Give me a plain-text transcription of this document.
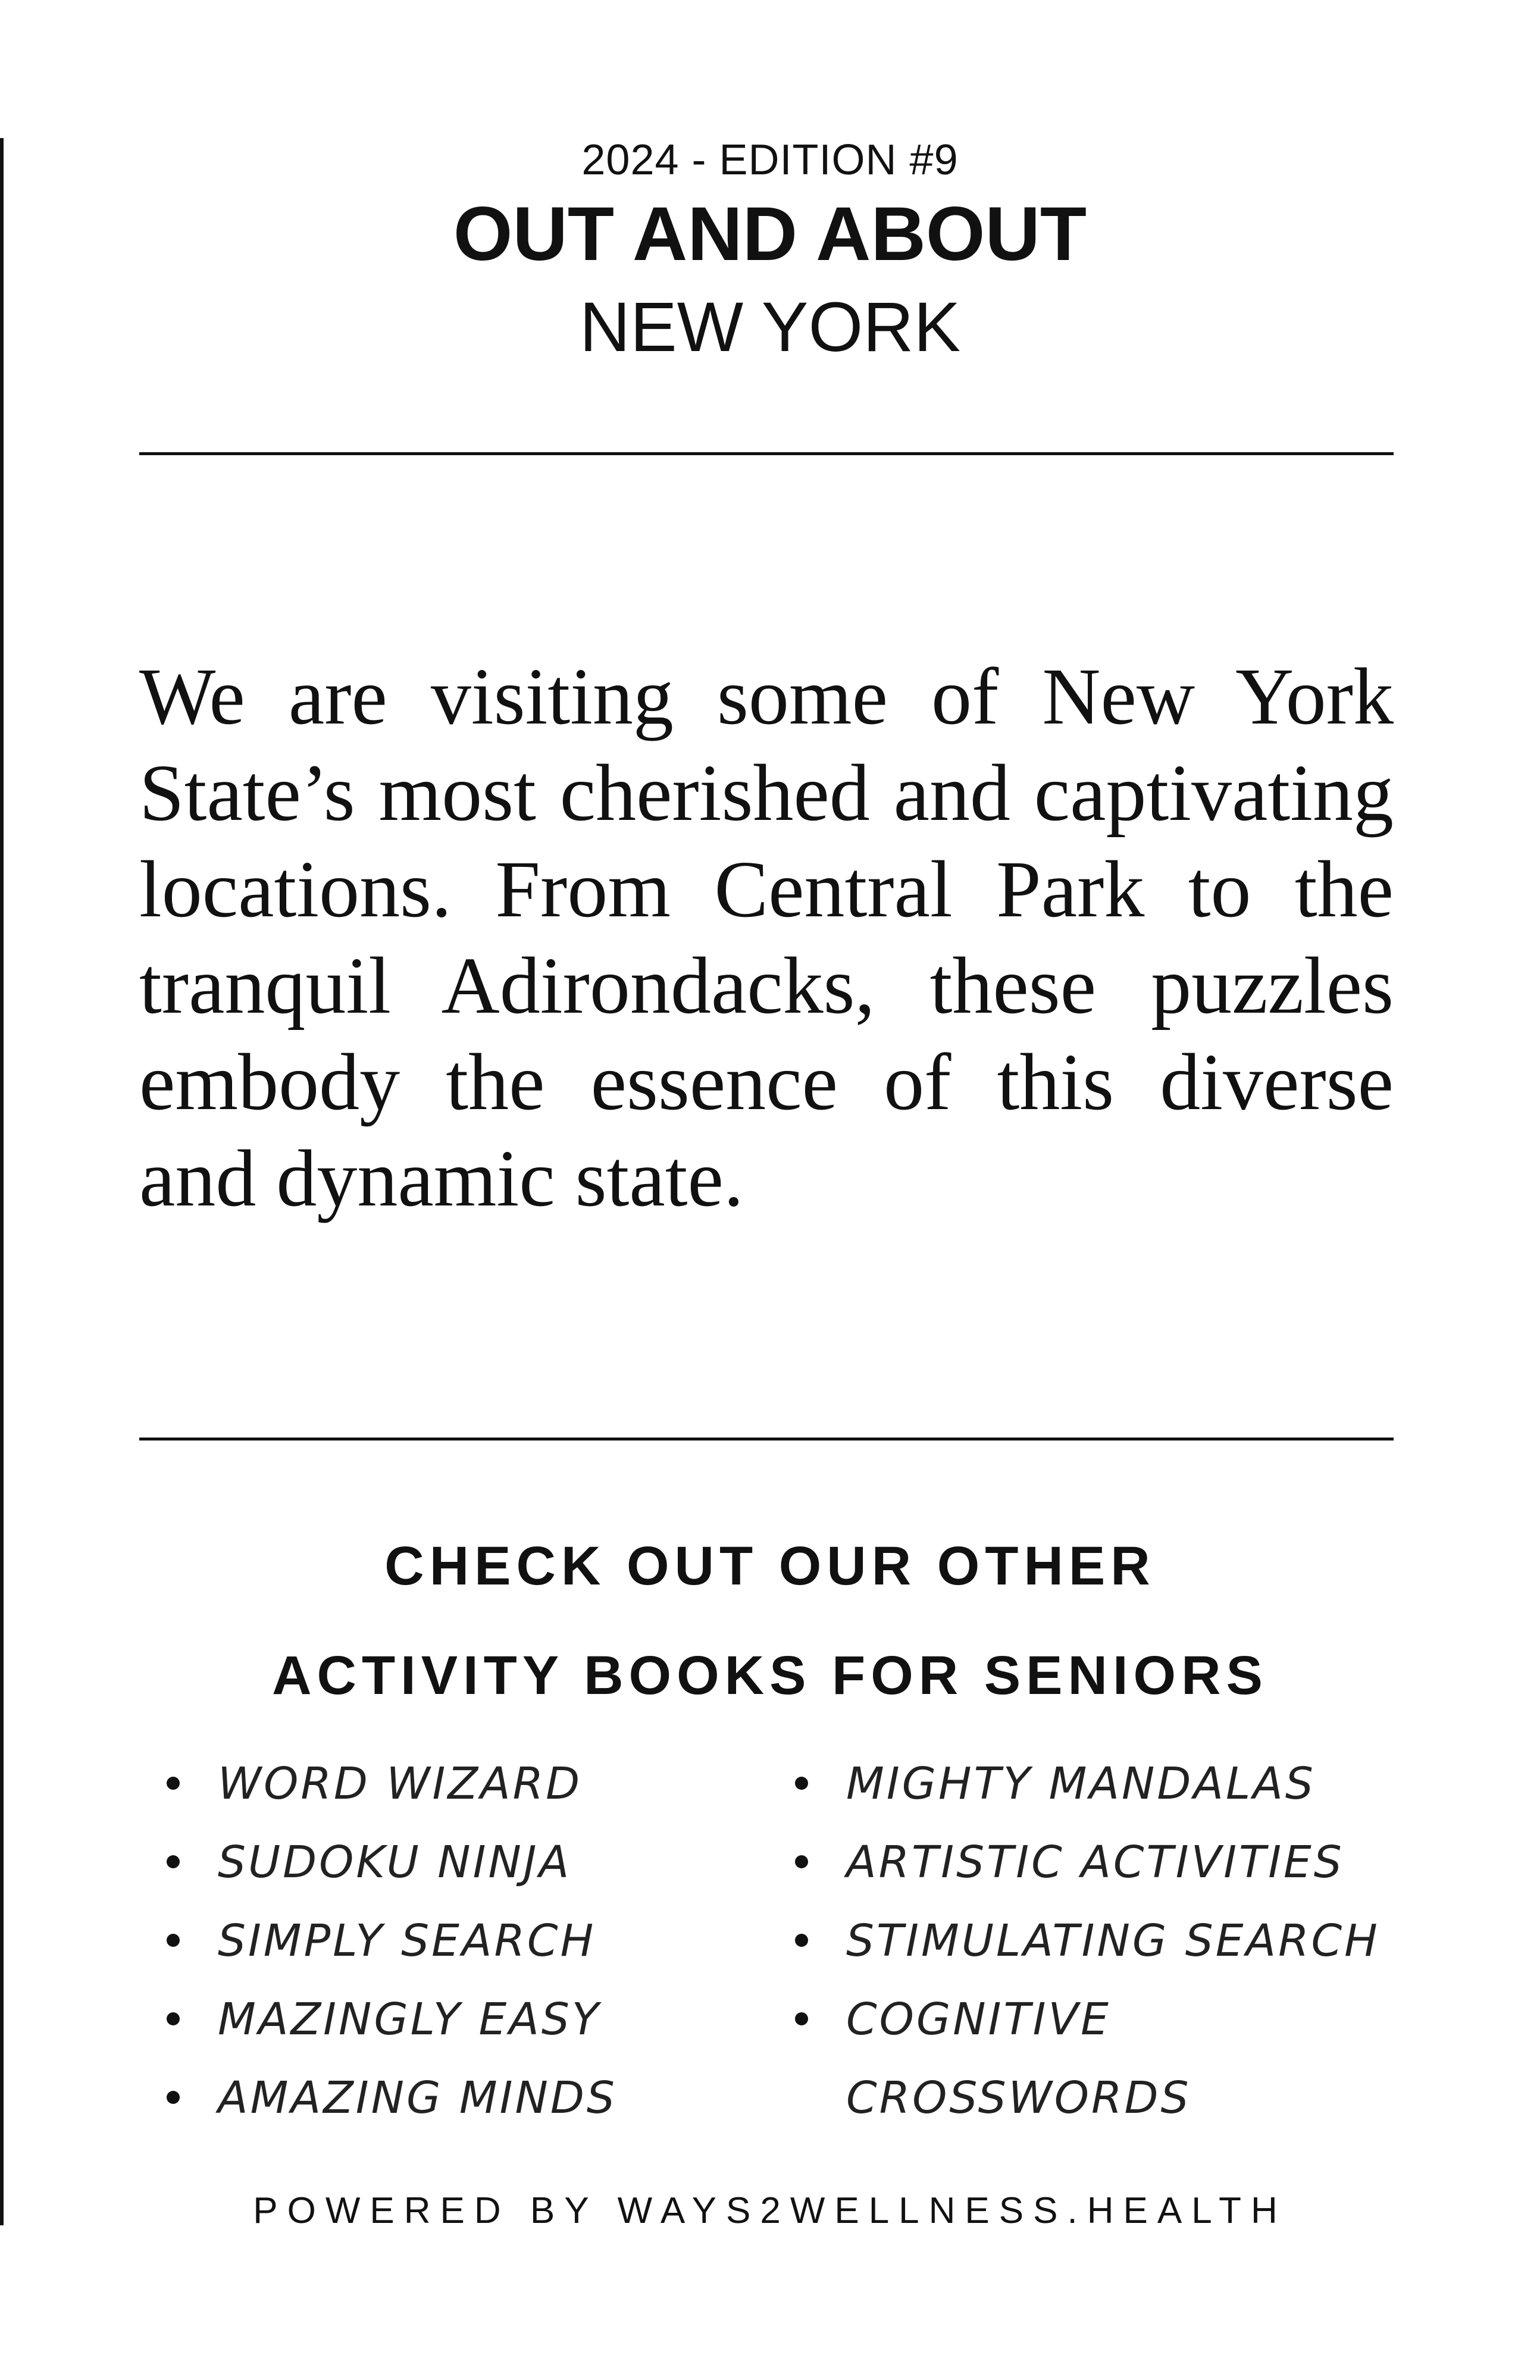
2024 - EDITION #9
OUT AND ABOUT
NEW YORK

We are visiting some of New York State’s most cherished and captivating locations. From Central Park to the tranquil Adirondacks, these puzzles embody the essence of this diverse and dynamic state.

CHECK OUT OUR OTHER
ACTIVITY BOOKS FOR SENIORS
WORD WIZARD
SUDOKU NINJA
SIMPLY SEARCH
MAZINGLY EASY
AMAZING MINDS
MIGHTY MANDALAS
ARTISTIC ACTIVITIES
STIMULATING SEARCH
COGNITIVE CROSSWORDS
POWERED BY WAYS2WELLNESS.HEALTH
